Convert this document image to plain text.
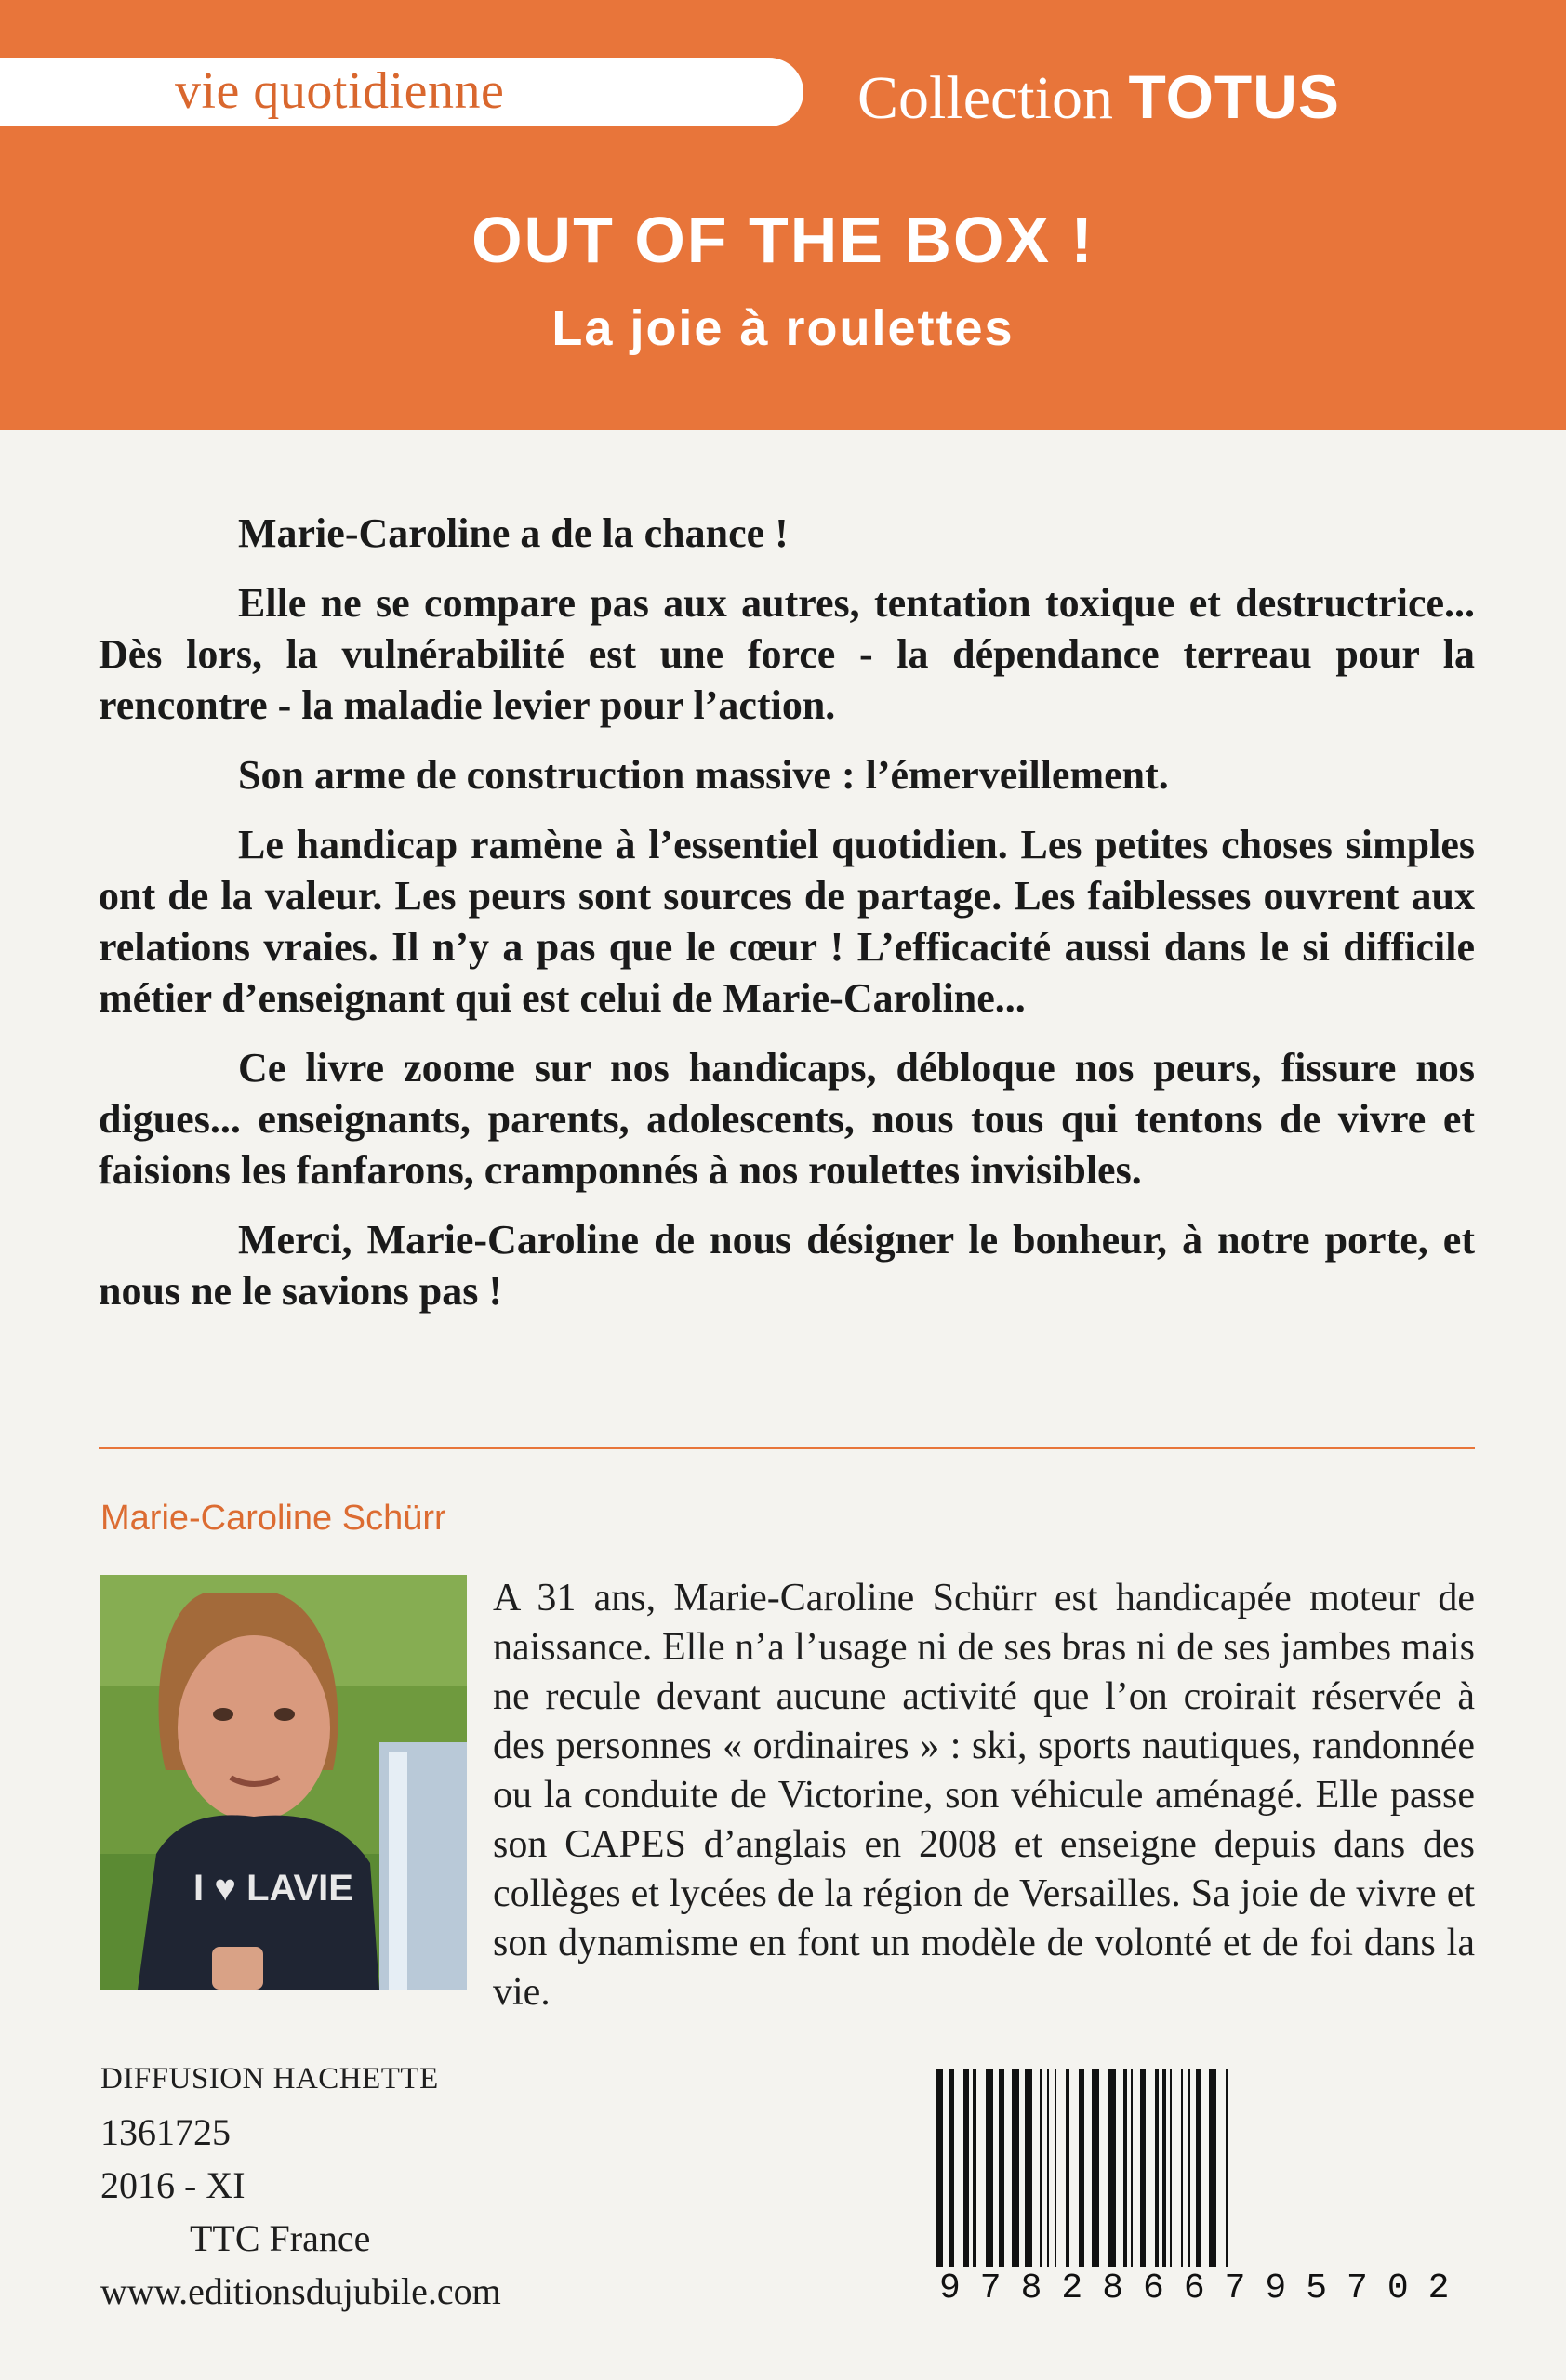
vie quotidienne	Collection TOTUS
OUT OF THE BOX !
La joie à roulettes

Marie-Caroline a de la chance !

Elle ne se compare pas aux autres, tentation toxique et destructrice... Dès lors, la vulnérabilité est une force - la dépendance terreau pour la rencontre - la maladie levier pour l’action.

Son arme de construction massive : l’émerveillement.

Le handicap ramène à l’essentiel quotidien. Les petites choses simples ont de la valeur. Les peurs sont sources de partage. Les faiblesses ouvrent aux relations vraies. Il n’y a pas que le cœur ! L’efficacité aussi dans le si difficile métier d’enseignant qui est celui de Marie-Caroline...

Ce livre zoome sur nos handicaps, débloque nos peurs, fissure nos digues... enseignants, parents, adolescents, nous tous qui tentons de vivre et faisions les fanfarons, cramponnés à nos roulettes invisibles.

Merci, Marie-Caroline de nous désigner le bonheur, à notre porte, et nous ne le savions pas !

Marie-Caroline Schürr
I ♥ LAVIE
A 31 ans, Marie-Caroline Schürr est handicapée moteur de naissance. Elle n’a l’usage ni de ses bras ni de ses jambes mais ne recule devant aucune activité que l’on croirait réservée à des personnes « ordinaires » : ski, sports nautiques, randonnée ou la conduite de Victorine, son véhicule aménagé. Elle passe son CAPES d’anglais en 2008 et enseigne depuis dans des collèges et lycées de la région de Versailles. Sa joie de vivre et son dynamisme en font un modèle de volonté et de foi dans la vie.
DIFFUSION HACHETTE
1361725
2016 - XI
TTC France
www.editionsdujubile.com	9782866795702
